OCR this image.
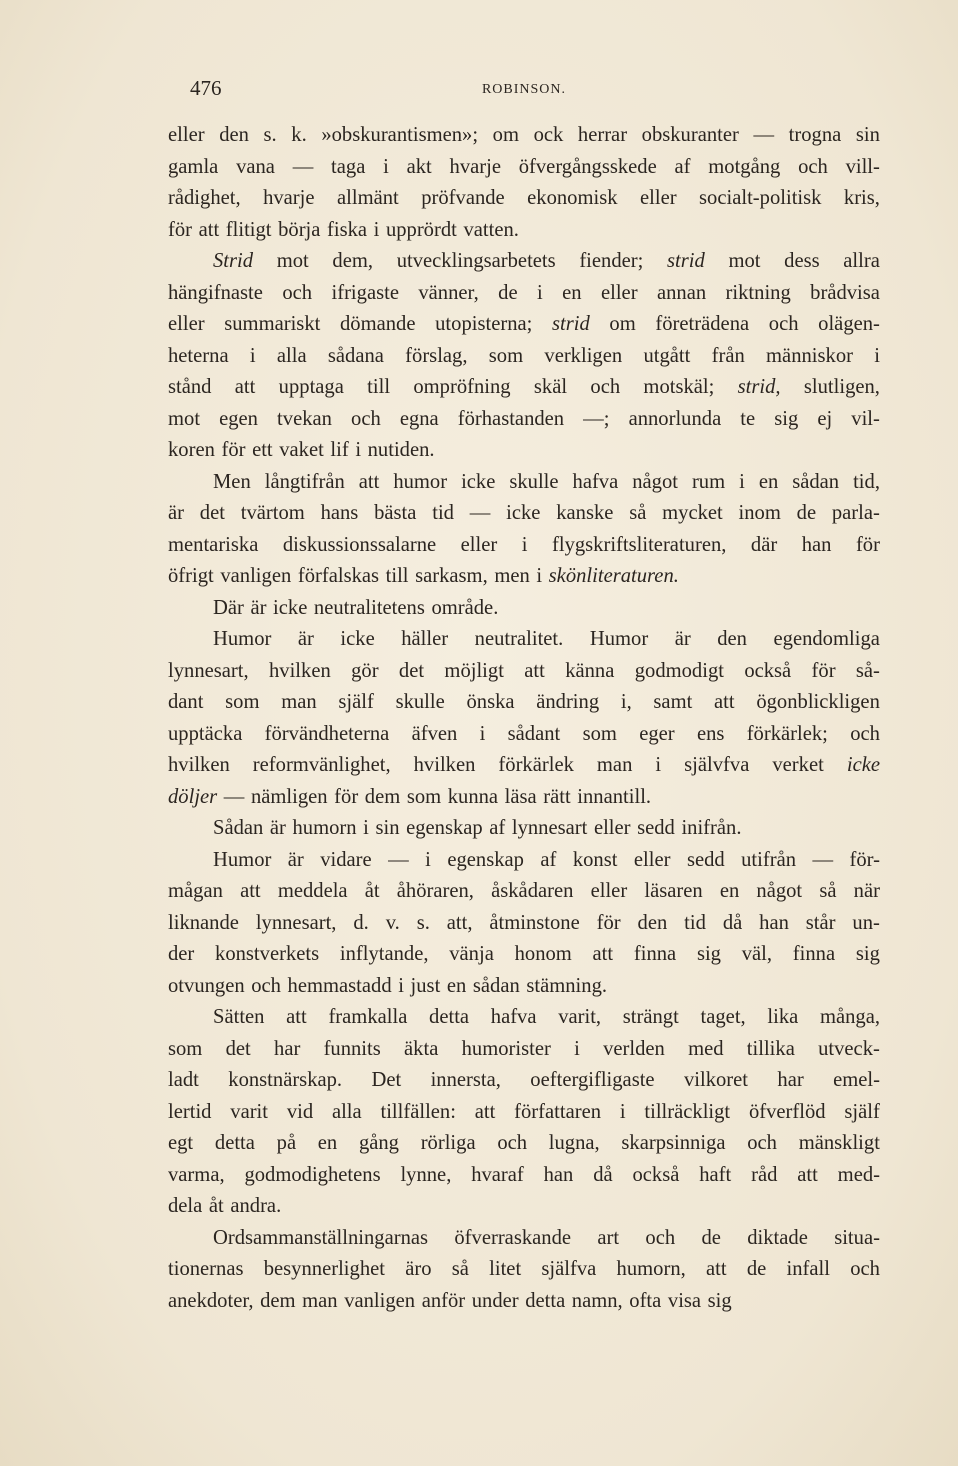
476	ROBINSON.
eller den s. k. »obskurantismen»; om ock herrar obskuranter — trogna sin
gamla vana — taga i akt hvarje öfvergångsskede af motgång och vill-
rådighet, hvarje allmänt pröfvande ekonomisk eller socialt-politisk kris,
för att flitigt börja fiska i upprördt vatten.
Strid mot dem, utvecklingsarbetets fiender; strid mot dess allra
hängifnaste och ifrigaste vänner, de i en eller annan riktning brådvisa
eller summariskt dömande utopisterna; strid om företrädena och olägen-
heterna i alla sådana förslag, som verkligen utgått från människor i
stånd att upptaga till ompröfning skäl och motskäl; strid, slutligen,
mot egen tvekan och egna förhastanden —; annorlunda te sig ej vil-
koren för ett vaket lif i nutiden.
Men långtifrån att humor icke skulle hafva något rum i en sådan tid,
är det tvärtom hans bästa tid — icke kanske så mycket inom de parla-
mentariska diskussionssalarne eller i flygskriftsliteraturen, där han för
öfrigt vanligen förfalskas till sarkasm, men i skönliteraturen.
Där är icke neutralitetens område.
Humor är icke häller neutralitet. Humor är den egendomliga
lynnesart, hvilken gör det möjligt att känna godmodigt också för så-
dant som man själf skulle önska ändring i, samt att ögonblickligen
upptäcka förvändheterna äfven i sådant som eger ens förkärlek; och
hvilken reformvänlighet, hvilken förkärlek man i självfva verket icke
döljer — nämligen för dem som kunna läsa rätt innantill.
Sådan är humorn i sin egenskap af lynnesart eller sedd inifrån.
Humor är vidare — i egenskap af konst eller sedd utifrån — för-
mågan att meddela åt åhöraren, åskådaren eller läsaren en något så när
liknande lynnesart, d. v. s. att, åtminstone för den tid då han står un-
der konstverkets inflytande, vänja honom att finna sig väl, finna sig
otvungen och hemmastadd i just en sådan stämning.
Sätten att framkalla detta hafva varit, strängt taget, lika många,
som det har funnits äkta humorister i verlden med tillika utveck-
ladt konstnärskap. Det innersta, oeftergifligaste vilkoret har emel-
lertid varit vid alla tillfällen: att författaren i tillräckligt öfverflöd själf
egt detta på en gång rörliga och lugna, skarpsinniga och mänskligt
varma, godmodighetens lynne, hvaraf han då också haft råd att med-
dela åt andra.
Ordsammanställningarnas öfverraskande art och de diktade situa-
tionernas besynnerlighet äro så litet själfva humorn, att de infall och
anekdoter, dem man vanligen anför under detta namn, ofta visa sig
